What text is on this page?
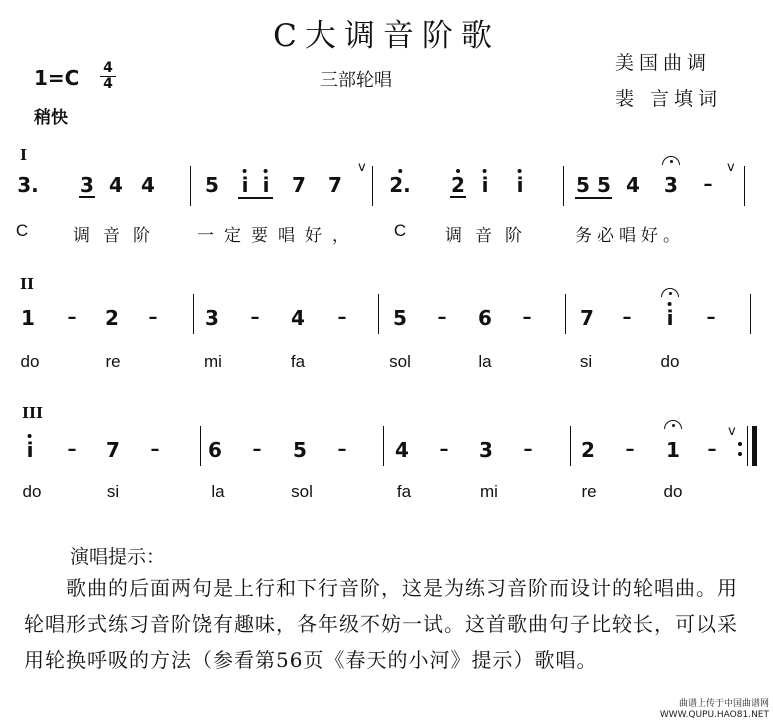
C大调音阶歌
1=C 4
4
稍快
三部轮唱
美国曲调
裴 言填词
I
3. 3 4 4	5 i i 7 7
v
2. 2 i i	5 5 4 3 –
v
C	调音阶 一定要唱好， C 调音阶 务必唱好。
II
1 – 2 – 3 – 4 – 5 – 6 – 7 – i –
do	re	mi	fa	sol	la	si	do
III
i – 7 – 6 – 5 – 4 – 3 – 2 – 1 –
v
do	si	la	sol	fa	mi	re	do
演唱提示：
歌曲的后面两句是上行和下行音阶，这是为练习音阶而设计的轮唱曲。用轮唱形式练习音阶饶有趣味，各年级不妨一试。这首歌曲句子比较长，可以采用轮换呼吸的方法（参看第56页《春天的小河》提示）歌唱。
曲谱上传于中国曲谱网
WWW.QUPU.HAO81.NET
